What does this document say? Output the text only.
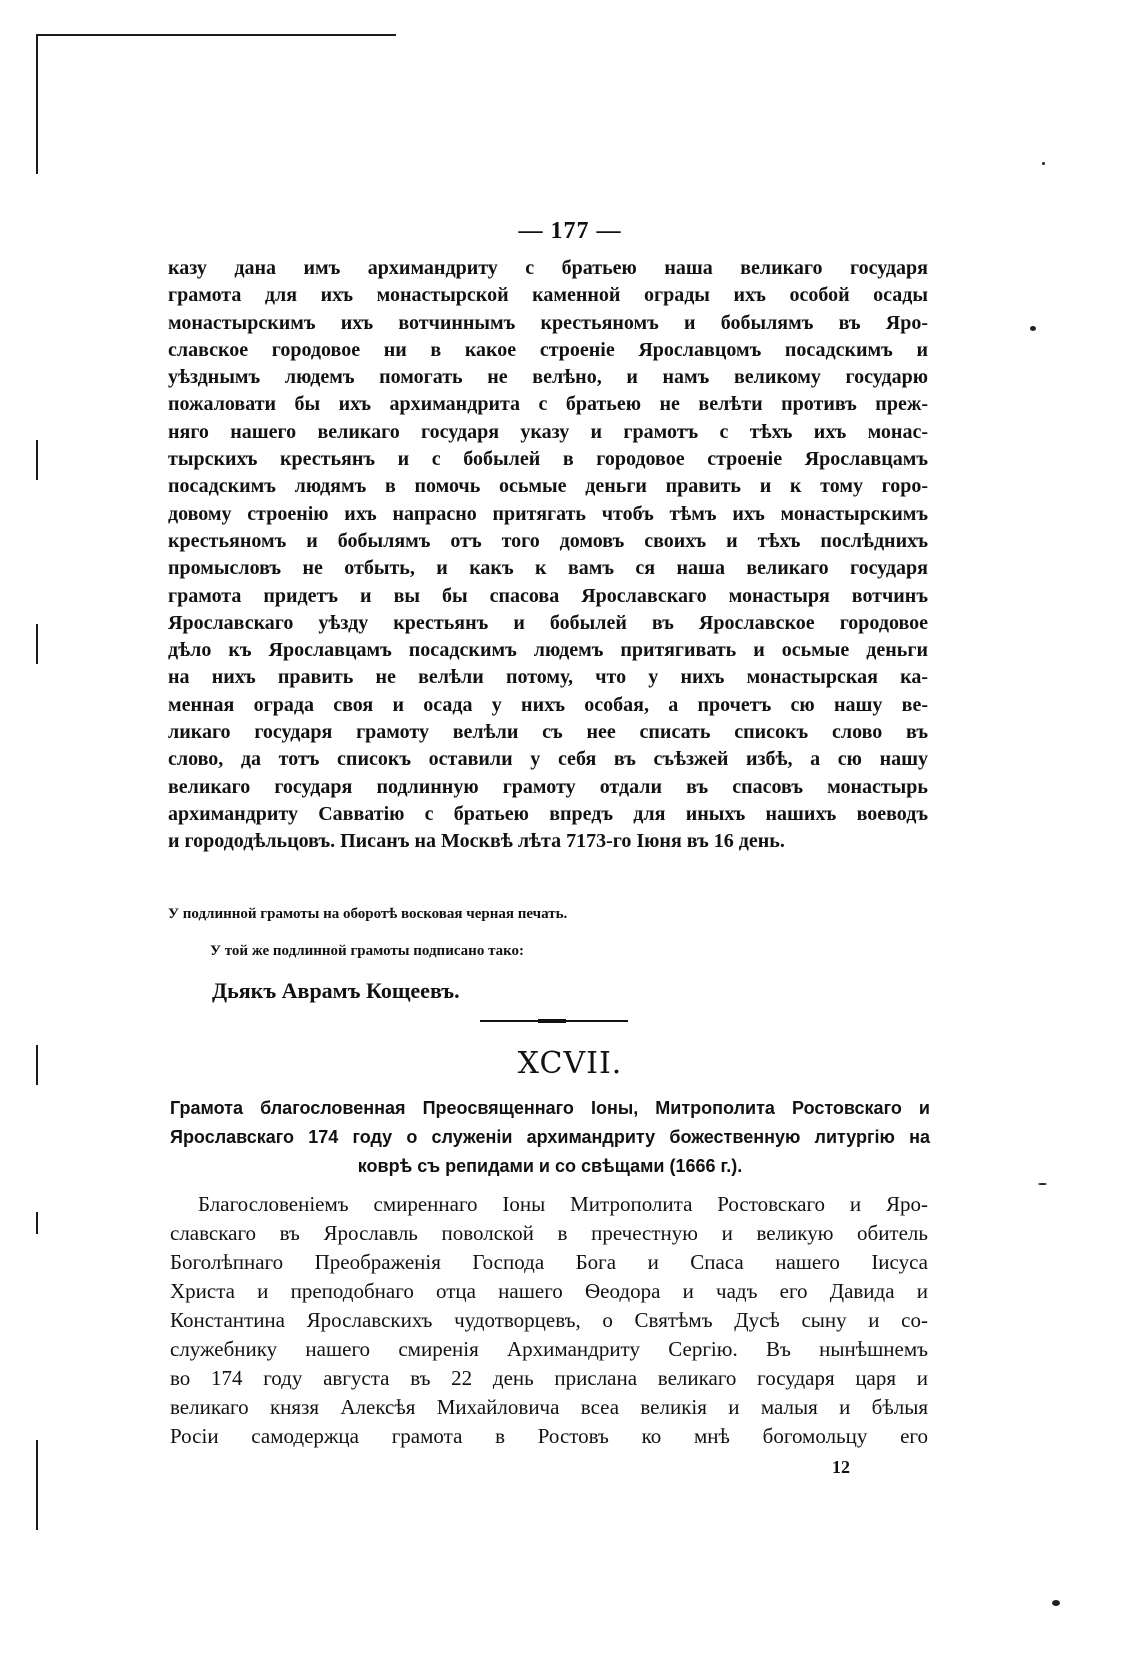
— 177 —
казу дана имъ архимандриту с братьею наша великаго государя
грамота для ихъ монастырской каменной ограды ихъ особой осады
монастырскимъ ихъ вотчиннымъ крестьяномъ и бобылямъ въ Яро-
славское городовое ни в какое строеніе Ярославцомъ посадскимъ и
уѣзднымъ людемъ помогать не велѣно, и намъ великому государю
пожаловати бы ихъ архимандрита с братьею не велѣти противъ преж-
няго нашего великаго государя указу и грамотъ с тѣхъ ихъ монас-
тырскихъ крестьянъ и с бобылей в городовое строеніе Ярославцамъ
посадскимъ людямъ в помочь осьмые деньги править и к тому горо-
довому строенію ихъ напрасно притягать чтобъ тѣмъ ихъ монастырскимъ
крестьяномъ и бобылямъ отъ того домовъ своихъ и тѣхъ послѣднихъ
промысловъ не отбыть, и какъ к вамъ ся наша великаго государя
грамота придетъ и вы бы спасова Ярославскаго монастыря вотчинъ
Ярославскаго уѣзду крестьянъ и бобылей въ Ярославское городовое
дѣло къ Ярославцамъ посадскимъ людемъ притягивать и осьмые деньги
на нихъ править не велѣли потому, что у нихъ монастырская ка-
менная ограда своя и осада у нихъ особая, а прочетъ сю нашу ве-
ликаго государя грамоту велѣли съ нее списать списокъ слово въ
слово, да тотъ списокъ оставили у себя въ съѣзжей избѣ, а сю нашу
великаго государя подлинную грамоту отдали въ спасовъ монастырь
архимандриту Савватію с братьею впредъ для иныхъ нашихъ воеводъ
и горододѣльцовъ. Писанъ на Москвѣ лѣта 7173-го Іюня въ 16 день.
У подлинной грамоты на оборотѣ восковая черная печать.
У той же подлинной грамоты подписано тако:
Дьякъ Аврамъ Кощеевъ.
XCVII.
Грамота благословенная Преосвященнаго Іоны, Митрополита Ростовскаго и
Ярославскаго 174 году о служеніи архимандриту божественную литургію на
коврѣ съ репидами и со свѣщами (1666 г.).
Благословеніемъ смиреннаго Іоны Митрополита Ростовскаго и Яро-
славскаго въ Ярославль поволской в пречестную и великую обитель
Боголѣпнаго Преображенія Господа Бога и Спаса нашего Іисуса
Христа и преподобнаго отца нашего Ѳеодора и чадъ его Давида и
Константина Ярославскихъ чудотворцевъ, о Святѣмъ Дусѣ сыну и со-
служебнику нашего смиренія Архимандриту Сергію. Въ нынѣшнемъ
во 174 году августа въ 22 день прислана великаго государя царя и
великаго князя Алексѣя Михайловича всеа великія и малыя и бѣлыя
Росіи самодержца грамота в Ростовъ ко мнѣ богомольцу его
12
